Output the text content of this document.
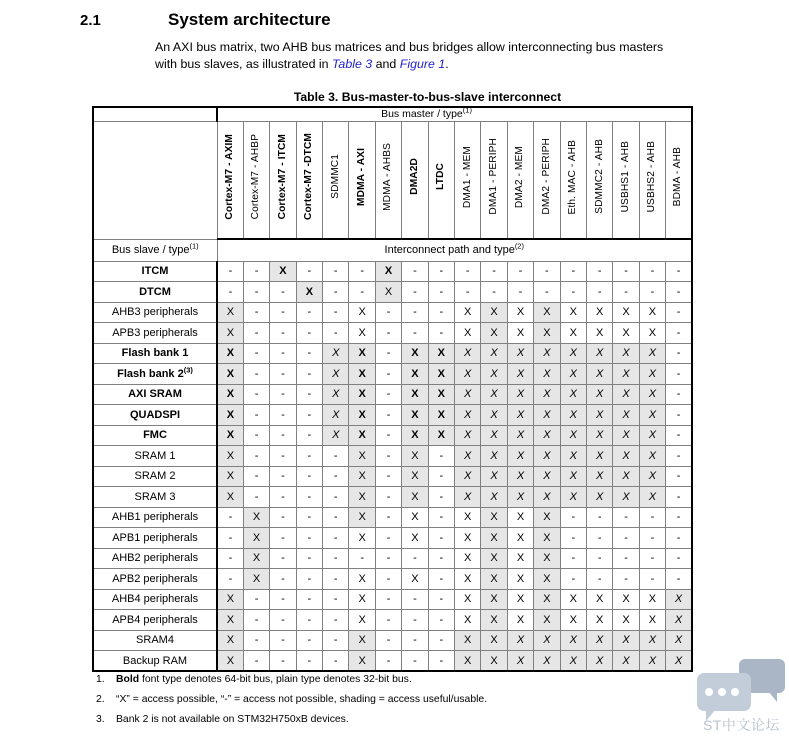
2.1	System architecture
An AXI bus matrix, two AHB bus matrices and bus bridges allow interconnecting bus masters with bus slaves, as illustrated in Table 3 and Figure 1.
Table 3. Bus-master-to-bus-slave interconnect
	Bus master / type$^{(1)}$
	Cortex-M7 - AXIM	Cortex-M7 - AHBP	Cortex-M7 - ITCM	Cortex-M7 -DTCM	SDMMC1	MDMA - AXI	MDMA - AHBS	DMA2D	LTDC	DMA1 - MEM	DMA1 - PERIPH	DMA2 - MEM	DMA2 - PERIPH	Eth. MAC - AHB	SDMMC2 - AHB	USBHS1 - AHB	USBHS2 - AHB	BDMA - AHB
Bus slave / type$^{(1)}$	Interconnect path and type$^{(2)}$
ITCM	-	-	X	-	-	-	X	-	-	-	-	-	-	-	-	-	-	-
DTCM	-	-	-	X	-	-	X	-	-	-	-	-	-	-	-	-	-	-
AHB3 peripherals	X	-	-	-	-	X	-	-	-	X	X	X	X	X	X	X	X	-
APB3 peripherals	X	-	-	-	-	X	-	-	-	X	X	X	X	X	X	X	X	-
Flash bank 1	X	-	-	-	X	X	-	X	X	X	X	X	X	X	X	X	X	-
Flash bank 2$^{(3)}$	X	-	-	-	X	X	-	X	X	X	X	X	X	X	X	X	X	-
AXI SRAM	X	-	-	-	X	X	-	X	X	X	X	X	X	X	X	X	X	-
QUADSPI	X	-	-	-	X	X	-	X	X	X	X	X	X	X	X	X	X	-
FMC	X	-	-	-	X	X	-	X	X	X	X	X	X	X	X	X	X	-
SRAM 1	X	-	-	-	-	X	-	X	-	X	X	X	X	X	X	X	X	-
SRAM 2	X	-	-	-	-	X	-	X	-	X	X	X	X	X	X	X	X	-
SRAM 3	X	-	-	-	-	X	-	X	-	X	X	X	X	X	X	X	X	-
AHB1 peripherals	-	X	-	-	-	X	-	X	-	X	X	X	X	-	-	-	-	-
APB1 peripherals	-	X	-	-	-	X	-	X	-	X	X	X	X	-	-	-	-	-
AHB2 peripherals	-	X	-	-	-	-	-	-	-	X	X	X	X	-	-	-	-	-
APB2 peripherals	-	X	-	-	-	X	-	X	-	X	X	X	X	-	-	-	-	-
AHB4 peripherals	X	-	-	-	-	X	-	-	-	X	X	X	X	X	X	X	X	X
APB4 peripherals	X	-	-	-	-	X	-	-	-	X	X	X	X	X	X	X	X	X
SRAM4	X	-	-	-	-	X	-	-	-	X	X	X	X	X	X	X	X	X
Backup RAM	X	-	-	-	-	X	-	-	-	X	X	X	X	X	X	X	X	X
1. Bold font type denotes 64-bit bus, plain type denotes 32-bit bus.
2. “X” = access possible, “-” = access not possible, shading = access useful/usable.
3. Bank 2 is not available on STM32H750xB devices.	ST中文论坛
